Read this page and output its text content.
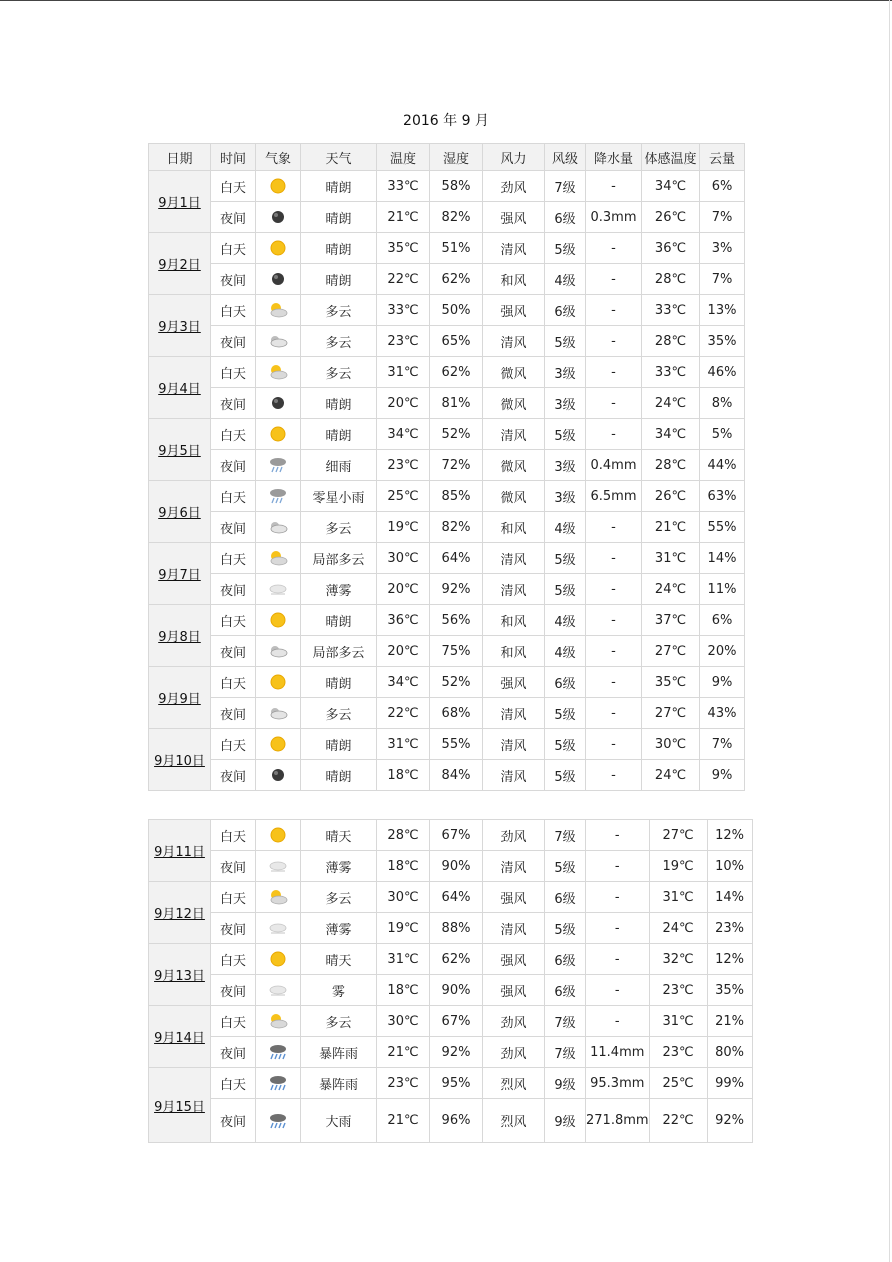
2016 年 9 月
日期	时间	气象	天气	温度	湿度	风力	风级	降水量	体感温度	云量
9月1日	白天		晴朗	33℃	58%	劲风	7级	-	34℃	6%
	夜间		晴朗	21℃	82%	强风	6级	0.3mm	26℃	7%
9月2日	白天		晴朗	35℃	51%	清风	5级	-	36℃	3%
	夜间		晴朗	22℃	62%	和风	4级	-	28℃	7%
9月3日	白天		多云	33℃	50%	强风	6级	-	33℃	13%
	夜间		多云	23℃	65%	清风	5级	-	28℃	35%
9月4日	白天		多云	31℃	62%	微风	3级	-	33℃	46%
	夜间		晴朗	20℃	81%	微风	3级	-	24℃	8%
9月5日	白天		晴朗	34℃	52%	清风	5级	-	34℃	5%
	夜间		细雨	23℃	72%	微风	3级	0.4mm	28℃	44%
9月6日	白天		零星小雨	25℃	85%	微风	3级	6.5mm	26℃	63%
	夜间		多云	19℃	82%	和风	4级	-	21℃	55%
9月7日	白天		局部多云	30℃	64%	清风	5级	-	31℃	14%
	夜间		薄雾	20℃	92%	清风	5级	-	24℃	11%
9月8日	白天		晴朗	36℃	56%	和风	4级	-	37℃	6%
	夜间		局部多云	20℃	75%	和风	4级	-	27℃	20%
9月9日	白天		晴朗	34℃	52%	强风	6级	-	35℃	9%
	夜间		多云	22℃	68%	清风	5级	-	27℃	43%
9月10日	白天		晴朗	31℃	55%	清风	5级	-	30℃	7%
	夜间		晴朗	18℃	84%	清风	5级	-	24℃	9%
9月11日	白天		晴天	28℃	67%	劲风	7级	-	27℃	12%
	夜间		薄雾	18℃	90%	清风	5级	-	19℃	10%
9月12日	白天		多云	30℃	64%	强风	6级	-	31℃	14%
	夜间		薄雾	19℃	88%	清风	5级	-	24℃	23%
9月13日	白天		晴天	31℃	62%	强风	6级	-	32℃	12%
	夜间		雾	18℃	90%	强风	6级	-	23℃	35%
9月14日	白天		多云	30℃	67%	劲风	7级	-	31℃	21%
	夜间		暴阵雨	21℃	92%	劲风	7级	11.4mm	23℃	80%
9月15日	白天		暴阵雨	23℃	95%	烈风	9级	95.3mm	25℃	99%
	夜间		大雨	21℃	96%	烈风	9级	271.8mm	22℃	92%
